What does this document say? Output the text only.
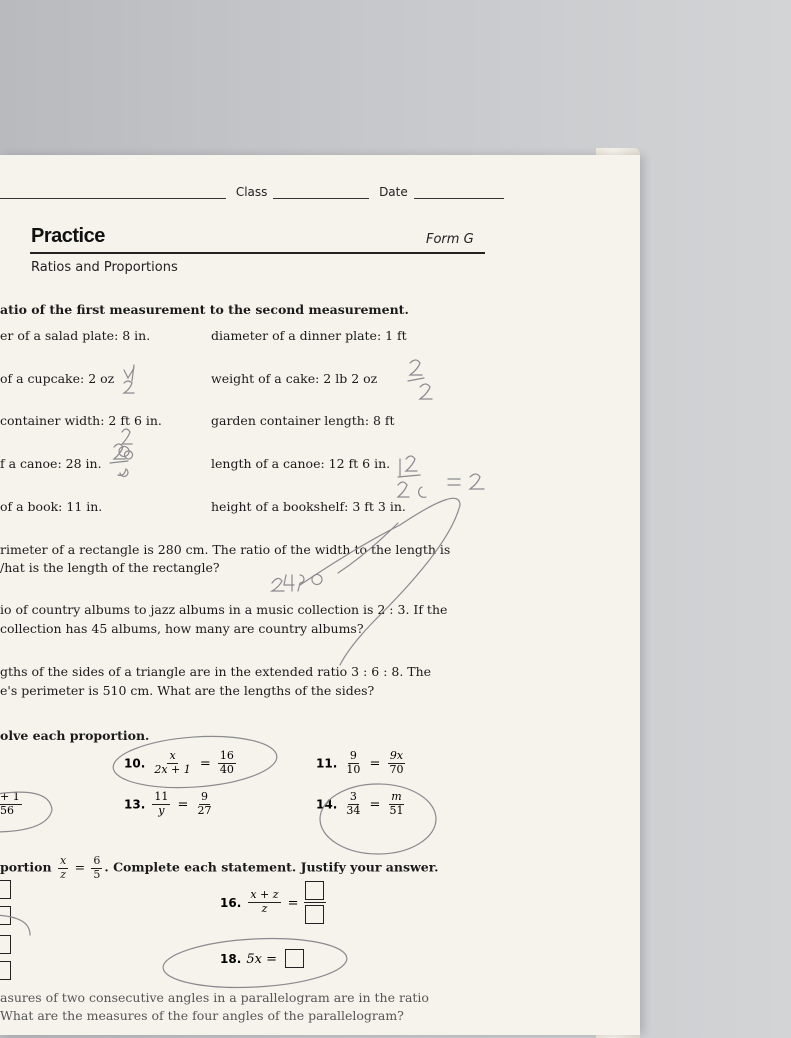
Class	Date
Practice	Form G
Ratios and Proportions
atio of the first measurement to the second measurement.
er of a salad plate: 8 in.	diameter of a dinner plate: 1 ft
of a cupcake: 2 oz	weight of a cake: 2 lb 2 oz
container width: 2 ft 6 in.	garden container length: 8 ft
f a canoe: 28 in.	length of a canoe: 12 ft 6 in.
of a book: 11 in.	height of a bookshelf: 3 ft 3 in.
rimeter of a rectangle is 280 cm. The ratio of the width to the length is
/hat is the length of the rectangle?
io of country albums to jazz albums in a music collection is 2 : 3. If the
collection has 45 albums, how many are country albums?
gths of the sides of a triangle are in the extended ratio 3 : 6 : 8. The
e's perimeter is 510 cm. What are the lengths of the sides?
olve each proportion.
10. $\frac{x}{2x + 1} = \frac{16}{40}$	11. $\frac{9}{10} = \frac{9x}{70}$
+ 1
56	13. $\frac{11}{y} = \frac{9}{27}$	14. $\frac{3}{34} = \frac{m}{51}$
portion $\frac{x}{z} = \frac{6}{5}$ . Complete each statement. Justify your answer.
16. $\frac{x + z}{z}$ =
18. 5x =
asures of two consecutive angles in a parallelogram are in the ratio
What are the measures of the four angles of the parallelogram?
